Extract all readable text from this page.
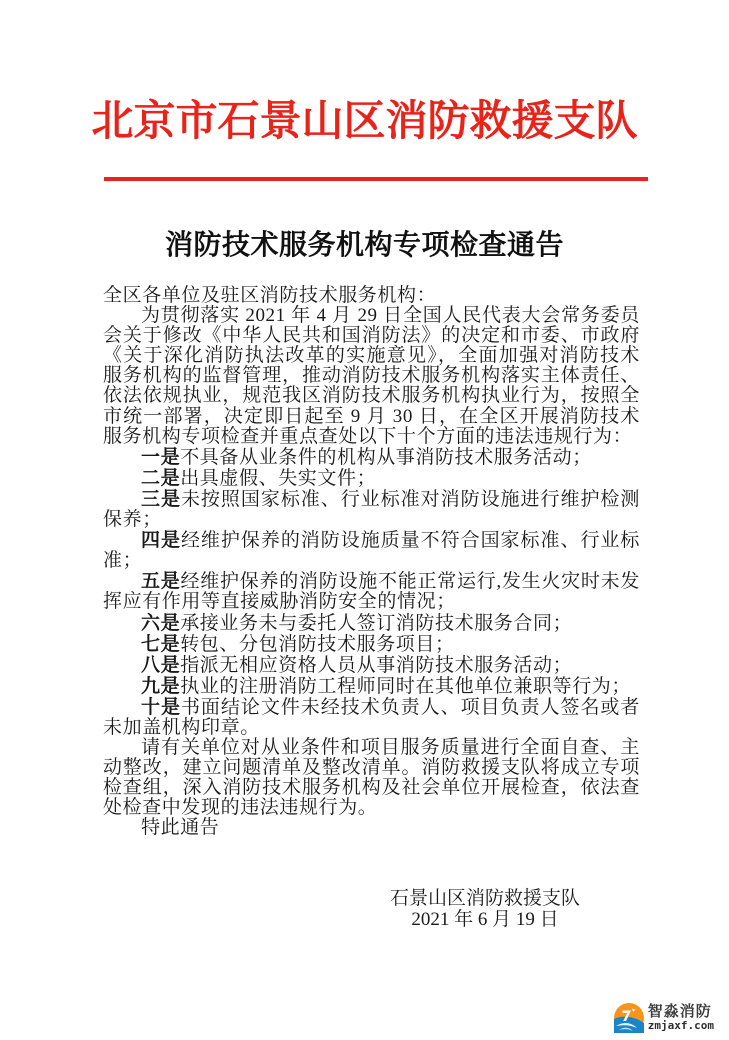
北京市石景山区消防救援支队
消防技术服务机构专项检查通告

全区各单位及驻区消防技术服务机构：

为贯彻落实 2021 年 4 月 29 日全国人民代表大会常务委员会关于修改《中华人民共和国消防法》的决定和市委、市政府《关于深化消防执法改革的实施意见》，全面加强对消防技术服务机构的监督管理，推动消防技术服务机构落实主体责任、依法依规执业，规范我区消防技术服务机构执业行为，按照全市统一部署，决定即日起至 9 月 30 日，在全区开展消防技术服务机构专项检查并重点查处以下十个方面的违法违规行为：

一是不具备从业条件的机构从事消防技术服务活动；

二是出具虚假、失实文件；

三是未按照国家标准、行业标准对消防设施进行维护检测保养；

四是经维护保养的消防设施质量不符合国家标准、行业标准；

五是经维护保养的消防设施不能正常运行,发生火灾时未发挥应有作用等直接威胁消防安全的情况；

六是承接业务未与委托人签订消防技术服务合同；

七是转包、分包消防技术服务项目；

八是指派无相应资格人员从事消防技术服务活动；

九是执业的注册消防工程师同时在其他单位兼职等行为；

十是书面结论文件未经技术负责人、项目负责人签名或者未加盖机构印章。

请有关单位对从业条件和项目服务质量进行全面自查、主动整改，建立问题清单及整改清单。消防救援支队将成立专项检查组，深入消防技术服务机构及社会单位开展检查，依法查处检查中发现的违法违规行为。

特此通告

石景山区消防救援支队
2021 年 6 月 19 日
智淼消防
zmjaxf.com
